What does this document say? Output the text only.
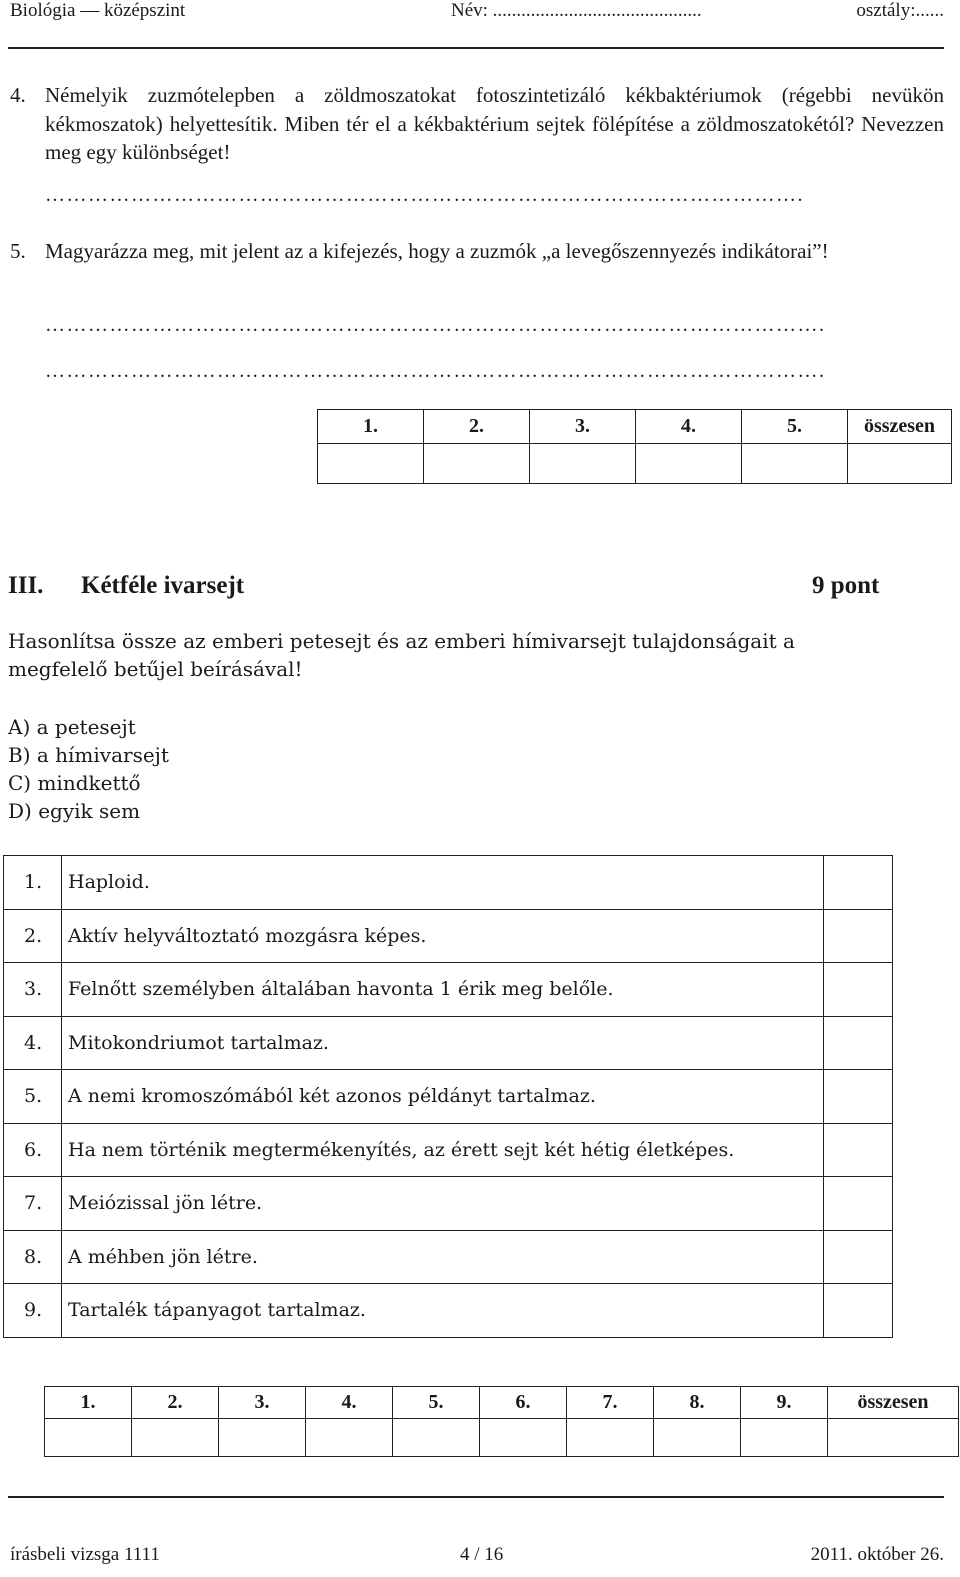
Biológia — középszint	Név: ............................................	osztály:......
4. Némelyik zuzmótelepben a zöldmoszatokat fotoszintetizáló kékbaktériumok (régebbi nevükön kékmoszatok) helyettesítik. Miben tér el a kékbaktérium sejtek fölépítése a zöldmoszatokétól? Nevezzen meg egy különbséget!
…………………………………………………………………………………………….
5. Magyarázza meg, mit jelent az a kifejezés, hogy a zuzmók „a levegőszennyezés indikátorai”!
……………………………………………………………………………………………….
……………………………………………………………………………………………….
1.	2.	3.	4.	5.	összesen

III. Kétféle ivarsejt	9 pont
Hasonlítsa össze az emberi petesejt és az emberi hímivarsejt tulajdonságait a megfelelő betűjel beírásával!
A) a petesejt
B) a hímivarsejt
C) mindkettő
D) egyik sem
1.	Haploid.	
2.	Aktív helyváltoztató mozgásra képes.	
3.	Felnőtt személyben általában havonta 1 érik meg belőle.	
4.	Mitokondriumot tartalmaz.	
5.	A nemi kromoszómából két azonos példányt tartalmaz.	
6.	Ha nem történik megtermékenyítés, az érett sejt két hétig életképes.	
7.	Meiózissal jön létre.	
8.	A méhben jön létre.	
9.	Tartalék tápanyagot tartalmaz.	
1.	2.	3.	4.	5.	6.	7.	8.	9.	összesen

írásbeli vizsga 1111	4 / 16	2011. október 26.
